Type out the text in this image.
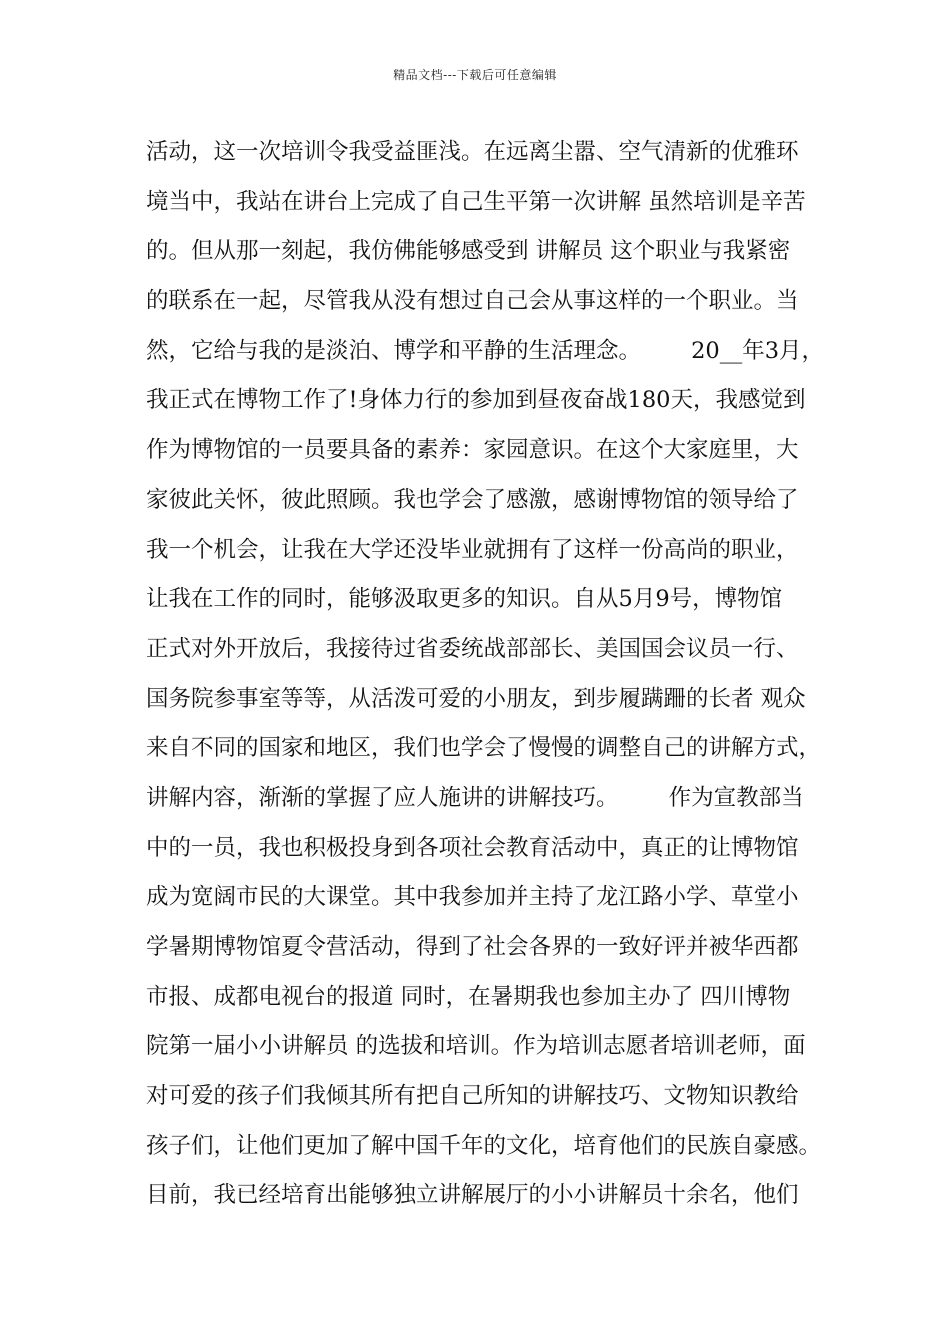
精品文档---下载后可任意编辑
活动，这一次培训令我受益匪浅。在远离尘嚣、空气清新的优雅环
境当中，我站在讲台上完成了自己生平第一次讲解 虽然培训是辛苦
的。但从那一刻起，我仿佛能够感受到 讲解员 这个职业与我紧密
的联系在一起，尽管我从没有想过自己会从事这样的一个职业。当
然，它给与我的是淡泊、博学和平静的生活理念。       20__年3月，
我正式在博物工作了!身体力行的参加到昼夜奋战180天，我感觉到
作为博物馆的一员要具备的素养：家园意识。在这个大家庭里，大
家彼此关怀，彼此照顾。我也学会了感激，感谢博物馆的领导给了
我一个机会，让我在大学还没毕业就拥有了这样一份高尚的职业，
让我在工作的同时，能够汲取更多的知识。自从5月9号，博物馆
正式对外开放后，我接待过省委统战部部长、美国国会议员一行、
国务院参事室等等，从活泼可爱的小朋友，到步履蹒跚的长者 观众
来自不同的国家和地区，我们也学会了慢慢的调整自己的讲解方式，
讲解内容，渐渐的掌握了应人施讲的讲解技巧。       作为宣教部当
中的一员，我也积极投身到各项社会教育活动中，真正的让博物馆
成为宽阔市民的大课堂。其中我参加并主持了龙江路小学、草堂小
学暑期博物馆夏令营活动，得到了社会各界的一致好评并被华西都
市报、成都电视台的报道 同时，在暑期我也参加主办了 四川博物
院第一届小小讲解员 的选拔和培训。作为培训志愿者培训老师，面
对可爱的孩子们我倾其所有把自己所知的讲解技巧、文物知识教给
孩子们，让他们更加了解中国千年的文化，培育他们的民族自豪感。
目前，我已经培育出能够独立讲解展厅的小小讲解员十余名，他们
